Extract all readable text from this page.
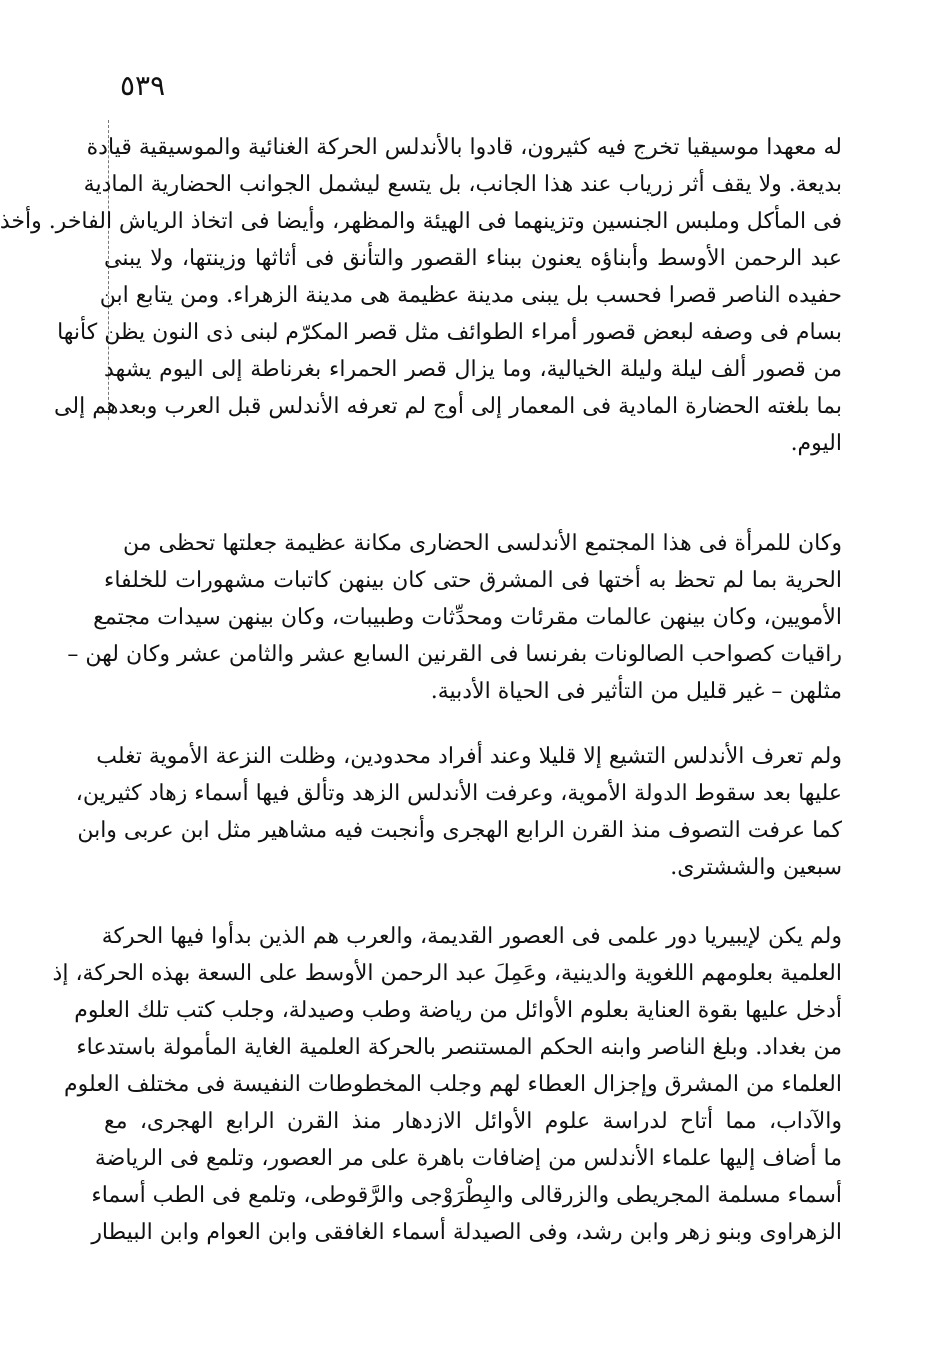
٥٣٩
له معهدا موسيقيا تخرج فيه كثيرون، قادوا بالأندلس الحركة الغنائية والموسيقية قيادة
بديعة. ولا يقف أثر زرياب عند هذا الجانب، بل يتسع ليشمل الجوانب الحضارية المادية
فى المأكل وملبس الجنسين وتزينهما فى الهيئة والمظهر، وأيضا فى اتخاذ الرياش الفاخر. وأخذ
عبد الرحمن الأوسط وأبناؤه يعنون ببناء القصور والتأنق فى أثاثها وزينتها، ولا يبنى
حفيده الناصر قصرا فحسب بل يبنى مدينة عظيمة هى مدينة الزهراء. ومن يتابع ابن
بسام فى وصفه لبعض قصور أمراء الطوائف مثل قصر المكرّم لبنى ذى النون يظن كأنها
من قصور ألف ليلة وليلة الخيالية، وما يزال قصر الحمراء بغرناطة إلى اليوم يشهد
بما بلغته الحضارة المادية فى المعمار إلى أوج لم تعرفه الأندلس قبل العرب وبعدهم إلى
اليوم.
وكان للمرأة فى هذا المجتمع الأندلسى الحضارى مكانة عظيمة جعلتها تحظى من
الحرية بما لم تحظ به أختها فى المشرق حتى كان بينهن كاتبات مشهورات للخلفاء
الأمويين، وكان بينهن عالمات مقرئات ومحدِّثات وطبيبات، وكان بينهن سيدات مجتمع
راقيات كصواحب الصالونات بفرنسا فى القرنين السابع عشر والثامن عشر وكان لهن –
مثلهن – غير قليل من التأثير فى الحياة الأدبية.
ولم تعرف الأندلس التشيع إلا قليلا وعند أفراد محدودين، وظلت النزعة الأموية تغلب
عليها بعد سقوط الدولة الأموية، وعرفت الأندلس الزهد وتألق فيها أسماء زهاد كثيرين،
كما عرفت التصوف منذ القرن الرابع الهجرى وأنجبت فيه مشاهير مثل ابن عربى وابن
سبعين والششترى.
ولم يكن لإيبيريا دور علمى فى العصور القديمة، والعرب هم الذين بدأوا فيها الحركة
العلمية بعلومهم اللغوية والدينية، وعَمِلَ عبد الرحمن الأوسط على السعة بهذه الحركة، إذ
أدخل عليها بقوة العناية بعلوم الأوائل من رياضة وطب وصيدلة، وجلب كتب تلك العلوم
من بغداد. وبلغ الناصر وابنه الحكم المستنصر بالحركة العلمية الغاية المأمولة باستدعاء
العلماء من المشرق وإجزال العطاء لهم وجلب المخطوطات النفيسة فى مختلف العلوم
والآداب، مما أتاح لدراسة علوم الأوائل الازدهار منذ القرن الرابع الهجرى، مع
ما أضاف إليها علماء الأندلس من إضافات باهرة على مر العصور، وتلمع فى الرياضة
أسماء مسلمة المجريطى والزرقالى والبِطْرَوْجى والرَّقوطى، وتلمع فى الطب أسماء
الزهراوى وبنو زهر وابن رشد، وفى الصيدلة أسماء الغافقى وابن العوام وابن البيطار
